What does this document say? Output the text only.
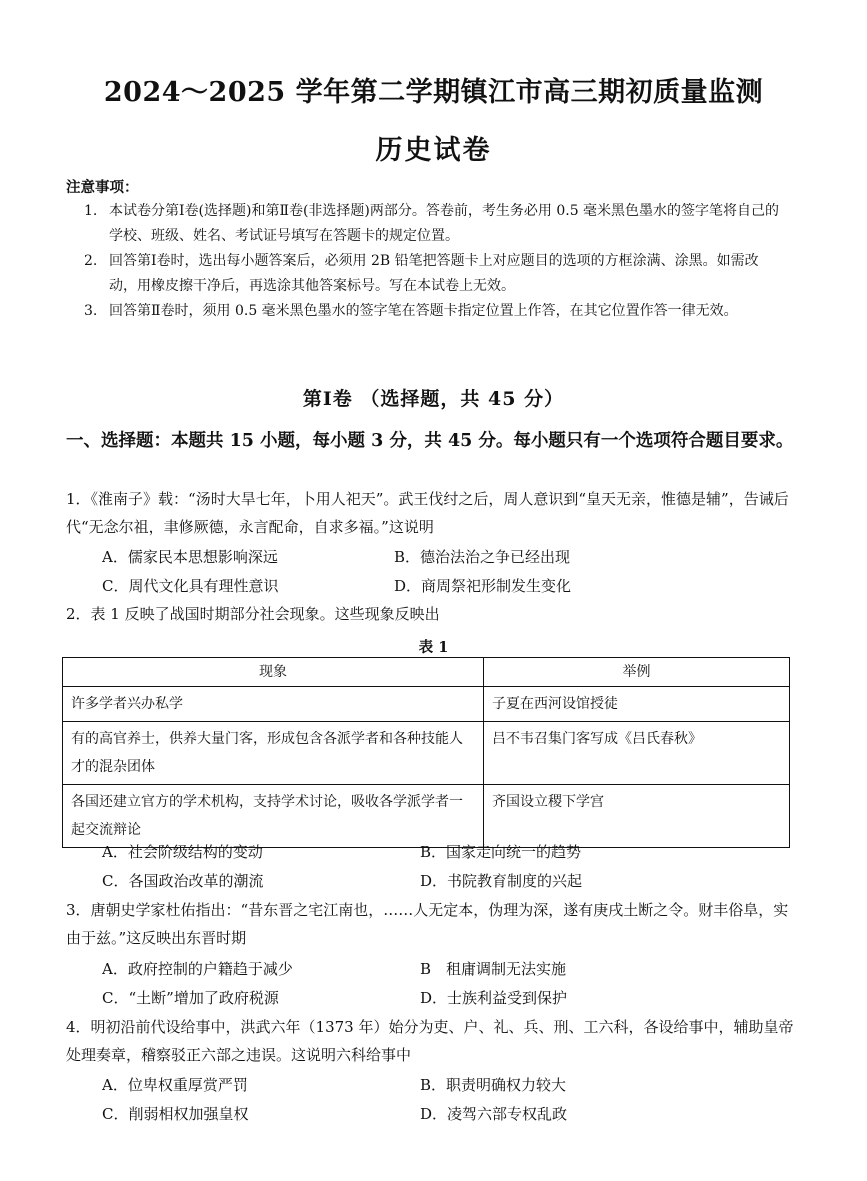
2024～2025 学年第二学期镇江市高三期初质量监测
历史试卷
注意事项：
1. 本试卷分第Ⅰ卷(选择题)和第Ⅱ卷(非选择题)两部分。答卷前，考生务必用 0.5 毫米黑色墨水的签字笔将自己的学校、班级、姓名、考试证号填写在答题卡的规定位置。
2. 回答第Ⅰ卷时，选出每小题答案后，必须用 2B 铅笔把答题卡上对应题目的选项的方框涂满、涂黑。如需改动，用橡皮擦干净后，再选涂其他答案标号。写在本试卷上无效。
3. 回答第Ⅱ卷时，须用 0.5 毫米黑色墨水的签字笔在答题卡指定位置上作答，在其它位置作答一律无效。
第Ⅰ卷 （选择题，共 45 分）
一、选择题：本题共 15 小题，每小题 3 分，共 45 分。每小题只有一个选项符合题目要求。
1．《淮南子》载：“汤时大旱七年，卜用人祀天”。武王伐纣之后，周人意识到“皇天无亲，惟德是辅”，告诫后代“无念尔祖，聿修厥德，永言配命，自求多福。”这说明
A．儒家民本思想影响深远	B．德治法治之争已经出现
C．周代文化具有理性意识	D．商周祭祀形制发生变化
2．表 1 反映了战国时期部分社会现象。这些现象反映出
表 1
现象	举例
许多学者兴办私学	子夏在西河设馆授徒
有的高官养士，供养大量门客，形成包含各派学者和各种技能人才的混杂团体	吕不韦召集门客写成《吕氏春秋》
各国还建立官方的学术机构，支持学术讨论，吸收各学派学者一起交流辩论	齐国设立稷下学宫
A．社会阶级结构的变动	B．国家走向统一的趋势
C．各国政治改革的潮流	D．书院教育制度的兴起
3．唐朝史学家杜佑指出：“昔东晋之宅江南也，……人无定本，伪理为深，遂有庚戌土断之令。财丰俗阜，实由于兹。”这反映出东晋时期
A．政府控制的户籍趋于减少	B　租庸调制无法实施
C．“土断”增加了政府税源	D．士族利益受到保护
4．明初沿前代设给事中，洪武六年（1373 年）始分为吏、户、礼、兵、刑、工六科，各设给事中，辅助皇帝处理奏章，稽察驳正六部之违误。这说明六科给事中
A．位卑权重厚赏严罚	B．职责明确权力较大
C．削弱相权加强皇权	D．凌驾六部专权乱政
